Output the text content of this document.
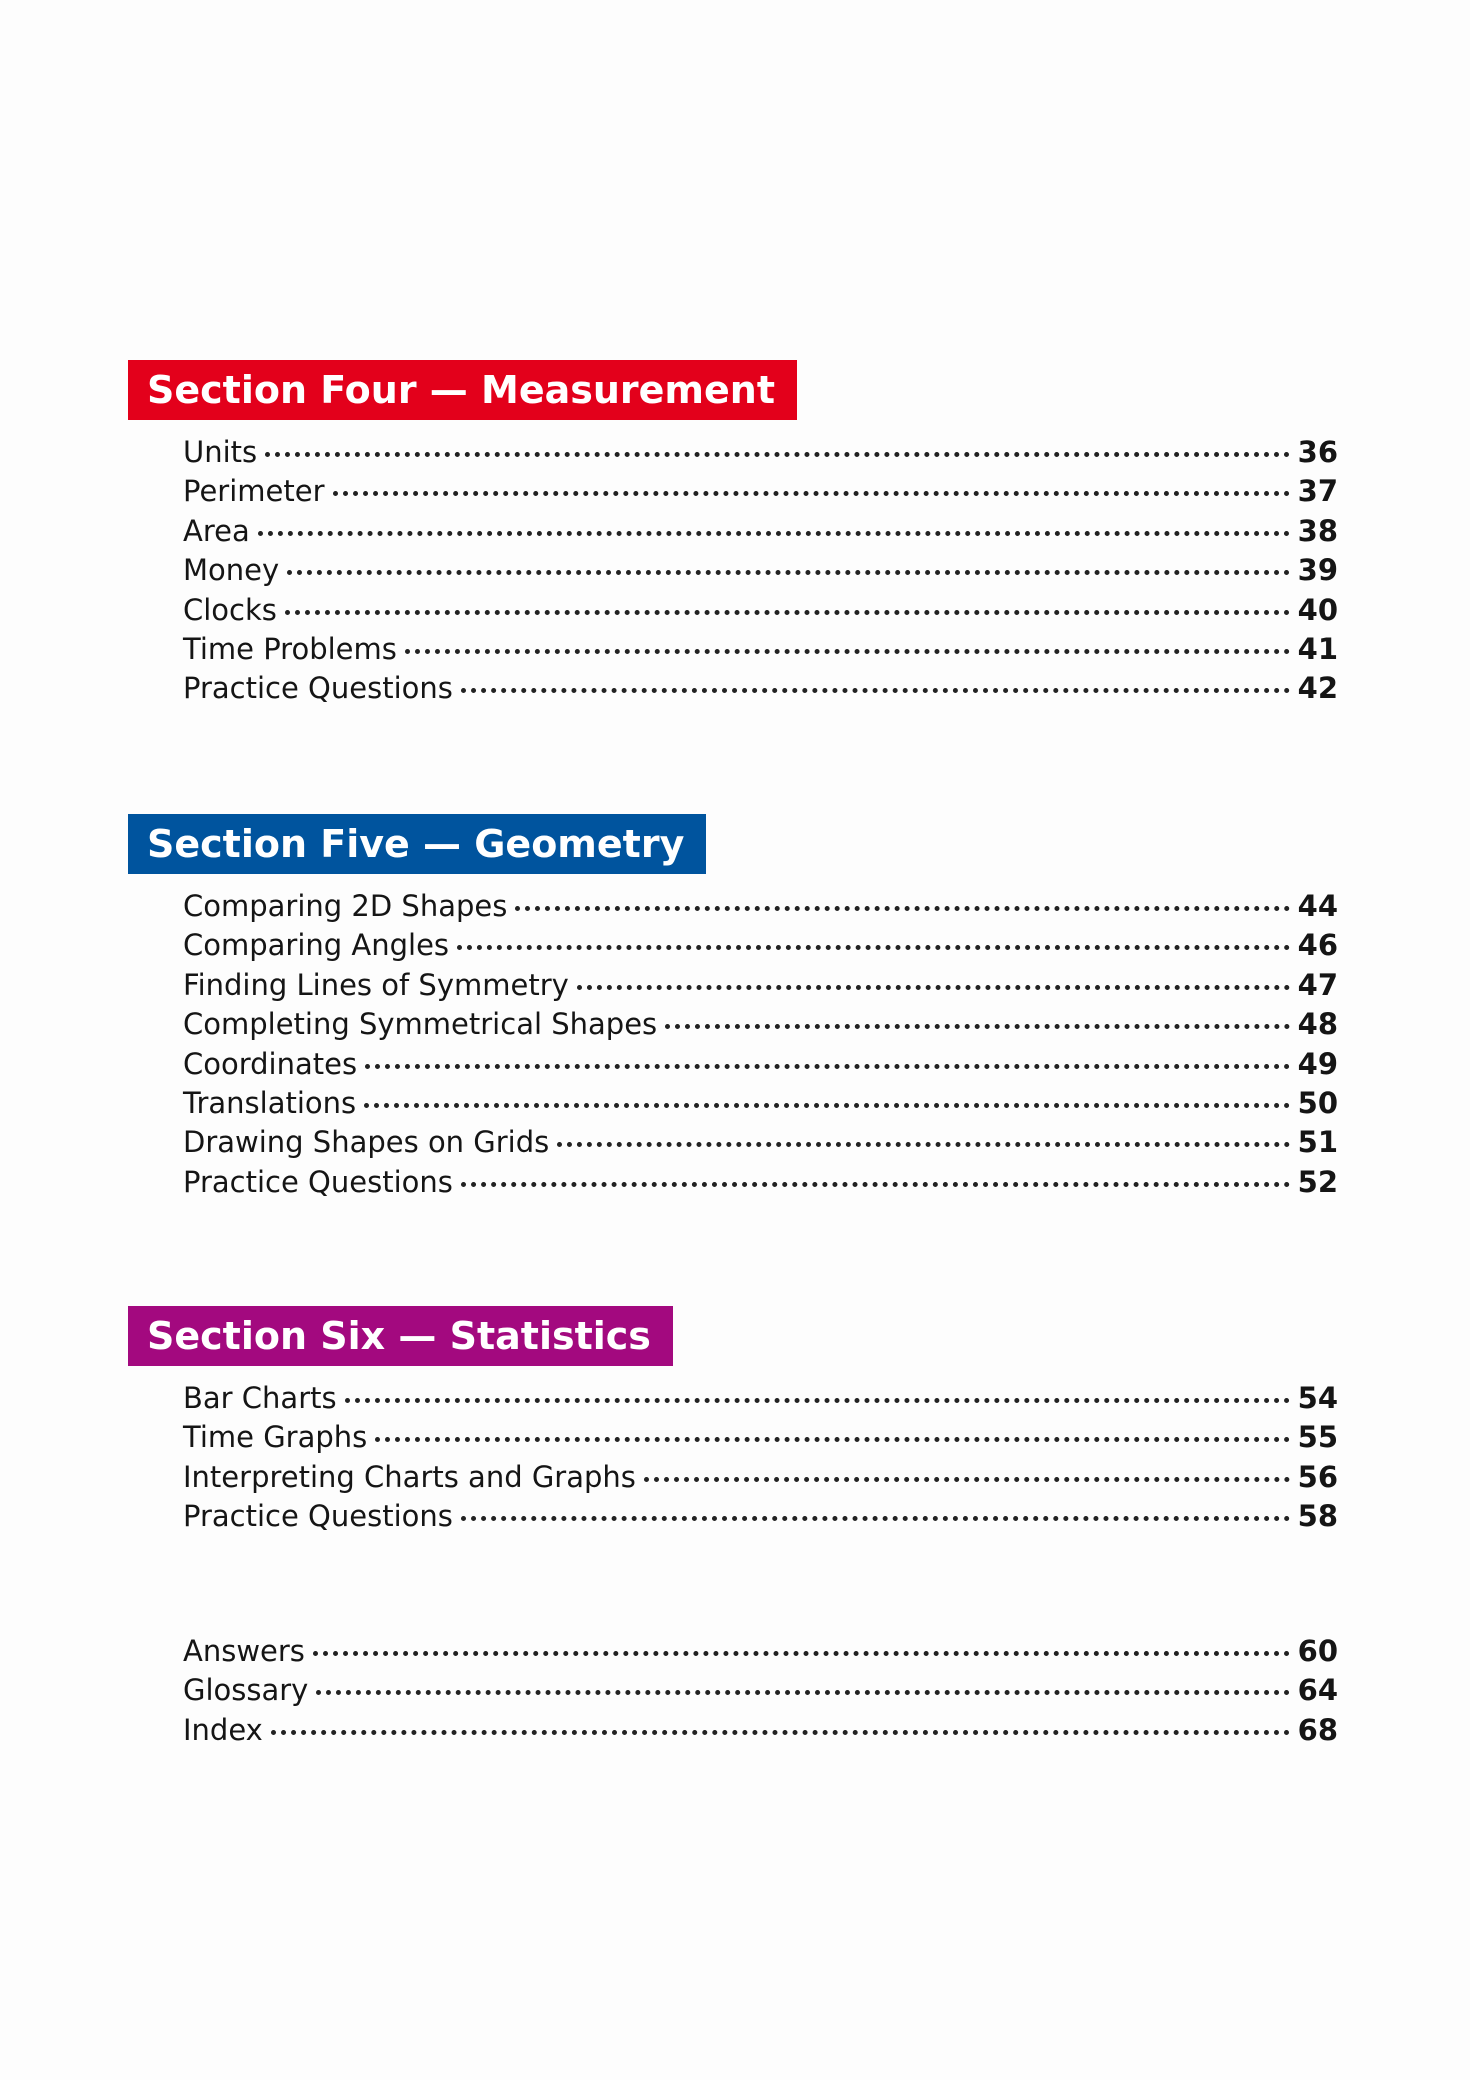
Section Four — Measurement
Units	36
Perimeter	37
Area	38
Money	39
Clocks	40
Time Problems	41
Practice Questions	42
Section Five — Geometry
Comparing 2D Shapes	44
Comparing Angles	46
Finding Lines of Symmetry	47
Completing Symmetrical Shapes	48
Coordinates	49
Translations	50
Drawing Shapes on Grids	51
Practice Questions	52
Section Six — Statistics
Bar Charts	54
Time Graphs	55
Interpreting Charts and Graphs	56
Practice Questions	58
Answers	60
Glossary	64
Index	68
